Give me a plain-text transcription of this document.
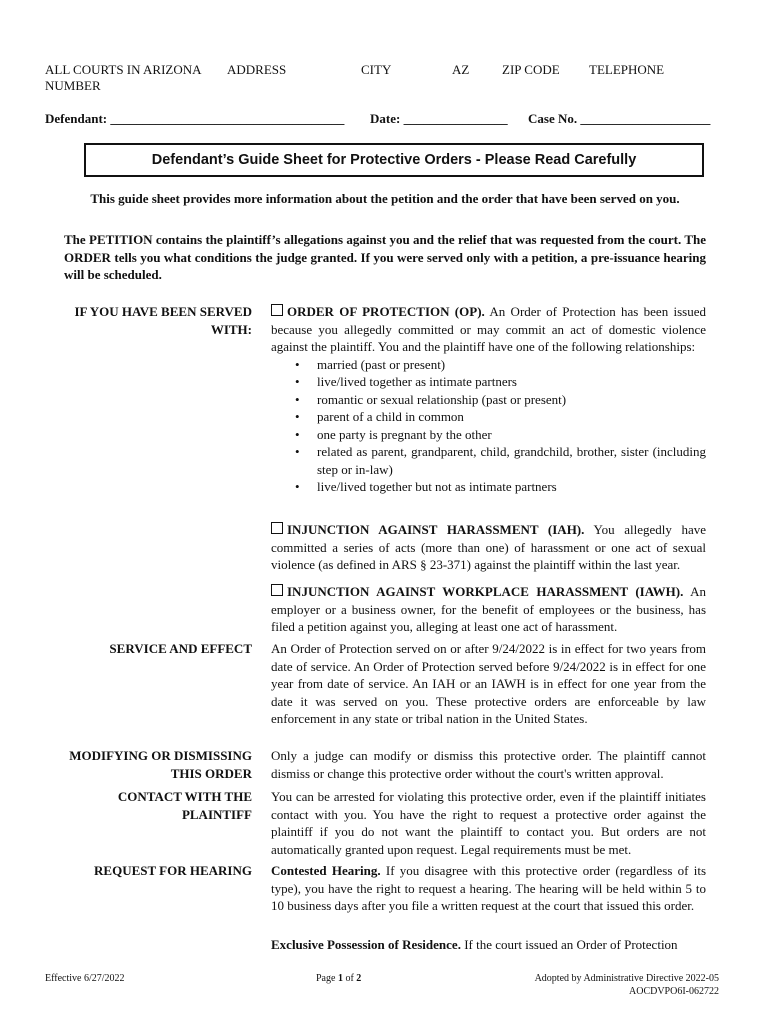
ALL COURTS IN ARIZONA ADDRESS	CITY	AZ	ZIP CODE TELEPHONE
NUMBER
Defendant: ____________________________________ Date: ________________ Case No. ____________________
Defendant’s Guide Sheet for Protective Orders - Please Read Carefully
This guide sheet provides more information about the petition and the order that have been served on you.
The PETITION contains the plaintiff’s allegations against you and the relief that was requested from the court. The ORDER tells you what conditions the judge granted. If you were served only with a petition, a pre-issuance hearing will be scheduled.
IF YOU HAVE BEEN SERVED WITH:
ORDER OF PROTECTION (OP). An Order of Protection has been issued because you allegedly committed or may commit an act of domestic violence against the plaintiff. You and the plaintiff have one of the following relationships:
• married (past or present)
• live/lived together as intimate partners
• romantic or sexual relationship (past or present)
• parent of a child in common
• one party is pregnant by the other
• related as parent, grandparent, child, grandchild, brother, sister (including step or in-law)
• live/lived together but not as intimate partners
INJUNCTION AGAINST HARASSMENT (IAH). You allegedly have committed a series of acts (more than one) of harassment or one act of sexual violence (as defined in ARS § 23-371) against the plaintiff within the last year.
INJUNCTION AGAINST WORKPLACE HARASSMENT (IAWH). An employer or a business owner, for the benefit of employees or the business, has filed a petition against you, alleging at least one act of harassment.
SERVICE AND EFFECT An Order of Protection served on or after 9/24/2022 is in effect for two years from date of service. An Order of Protection served before 9/24/2022 is in effect for one year from date of service. An IAH or an IAWH is in effect for one year from the date it was served on you. These protective orders are enforceable by law enforcement in any state or tribal nation in the United States.
MODIFYING OR DISMISSING THIS ORDER
Only a judge can modify or dismiss this protective order. The plaintiff cannot dismiss or change this protective order without the court's written approval.
CONTACT WITH THE PLAINTIFF
You can be arrested for violating this protective order, even if the plaintiff initiates contact with you. You have the right to request a protective order against the plaintiff if you do not want the plaintiff to contact you. But orders are not automatically granted upon request. Legal requirements must be met.
REQUEST FOR HEARING Contested Hearing. If you disagree with this protective order (regardless of its type), you have the right to request a hearing. The hearing will be held within 5 to 10 business days after you file a written request at the court that issued this order.
Exclusive Possession of Residence. If the court issued an Order of Protection
Effective 6/27/2022	Page 1 of 2	Adopted by Administrative Directive 2022-05
AOCDVPO6I-062722
